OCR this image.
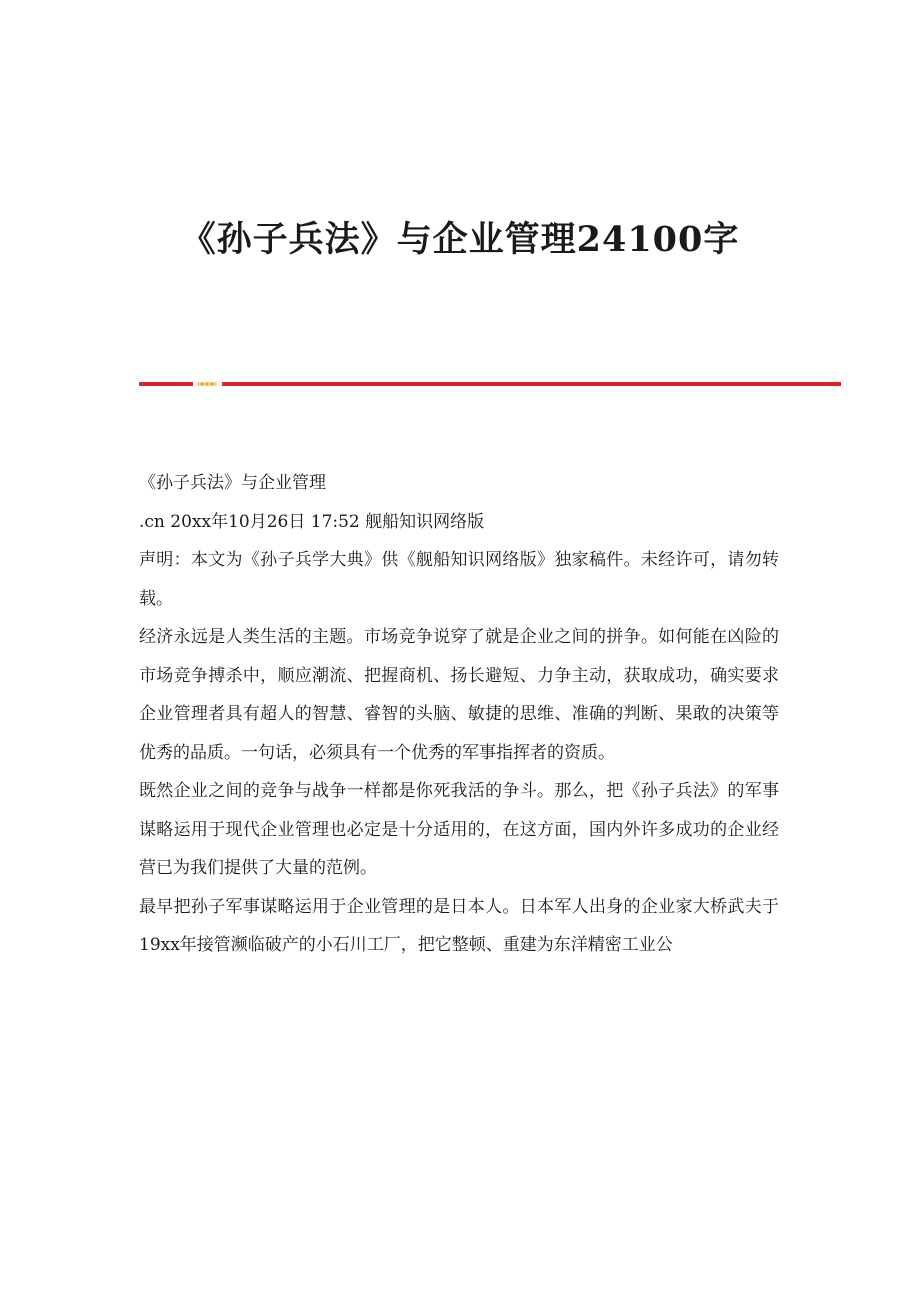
《孙子兵法》与企业管理24100字

《孙子兵法》与企业管理

.cn 20xx年10月26日 17:52 舰船知识网络版

声明：本文为《孙子兵学大典》供《舰船知识网络版》独家稿件。未经许可，请勿转载。

经济永远是人类生活的主题。市场竞争说穿了就是企业之间的拼争。如何能在凶险的市场竞争搏杀中，顺应潮流、把握商机、扬长避短、力争主动，获取成功，确实要求企业管理者具有超人的智慧、睿智的头脑、敏捷的思维、准确的判断、果敢的决策等优秀的品质。一句话，必须具有一个优秀的军事指挥者的资质。

既然企业之间的竞争与战争一样都是你死我活的争斗。那么，把《孙子兵法》的军事谋略运用于现代企业管理也必定是十分适用的，在这方面，国内外许多成功的企业经营已为我们提供了大量的范例。

最早把孙子军事谋略运用于企业管理的是日本人。日本军人出身的企业家大桥武夫于19xx年接管濒临破产的小石川工厂，把它整顿、重建为东洋精密工业公
